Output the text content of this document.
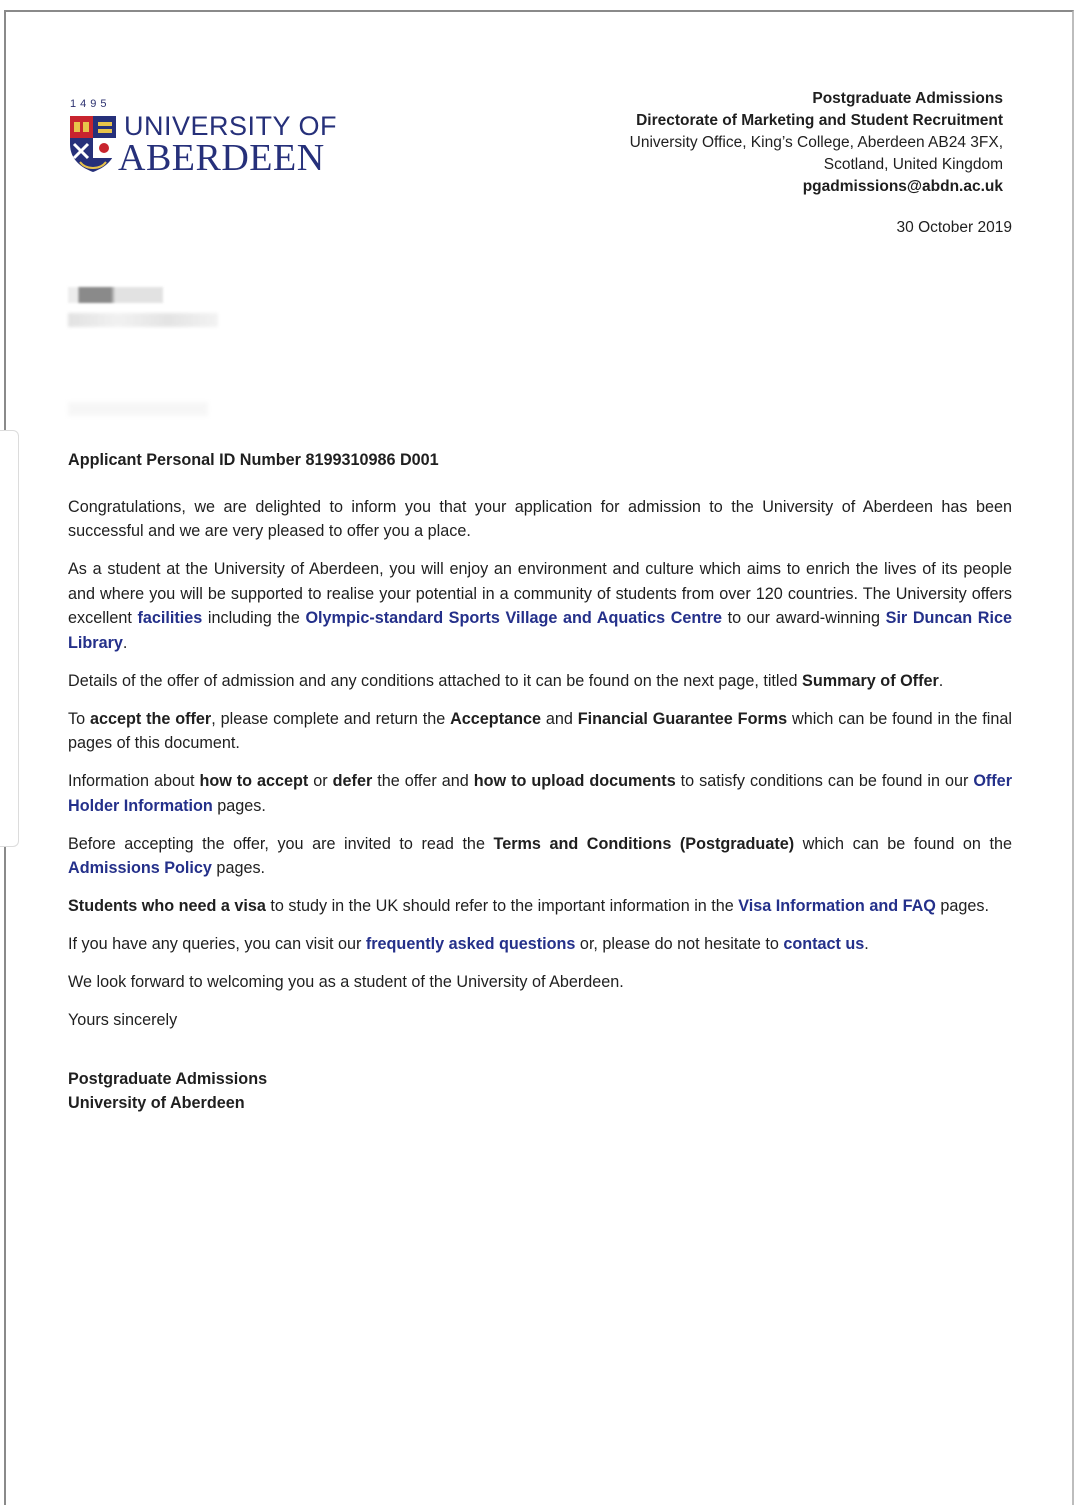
1495
UNIVERSITY OF
ABERDEEN
Postgraduate Admissions
Directorate of Marketing and Student Recruitment
University Office, King’s College, Aberdeen AB24 3FX,
Scotland, United Kingdom
pgadmissions@abdn.ac.uk
30 October 2019

Applicant Personal ID Number 8199310986 D001

Congratulations, we are delighted to inform you that your application for admission to the University of Aberdeen has been successful and we are very pleased to offer you a place.

As a student at the University of Aberdeen, you will enjoy an environment and culture which aims to enrich the lives of its people and where you will be supported to realise your potential in a community of students from over 120 countries. The University offers excellent facilities including the Olympic-standard Sports Village and Aquatics Centre to our award-winning Sir Duncan Rice Library.

Details of the offer of admission and any conditions attached to it can be found on the next page, titled Summary of Offer.

To accept the offer, please complete and return the Acceptance and Financial Guarantee Forms which can be found in the final pages of this document.

Information about how to accept or defer the offer and how to upload documents to satisfy conditions can be found in our Offer Holder Information pages.

Before accepting the offer, you are invited to read the Terms and Conditions (Postgraduate) which can be found on the Admissions Policy pages.

Students who need a visa to study in the UK should refer to the important information in the Visa Information and FAQ pages.

If you have any queries, you can visit our frequently asked questions or, please do not hesitate to contact us.

We look forward to welcoming you as a student of the University of Aberdeen.

Yours sincerely

Postgraduate Admissions
University of Aberdeen
